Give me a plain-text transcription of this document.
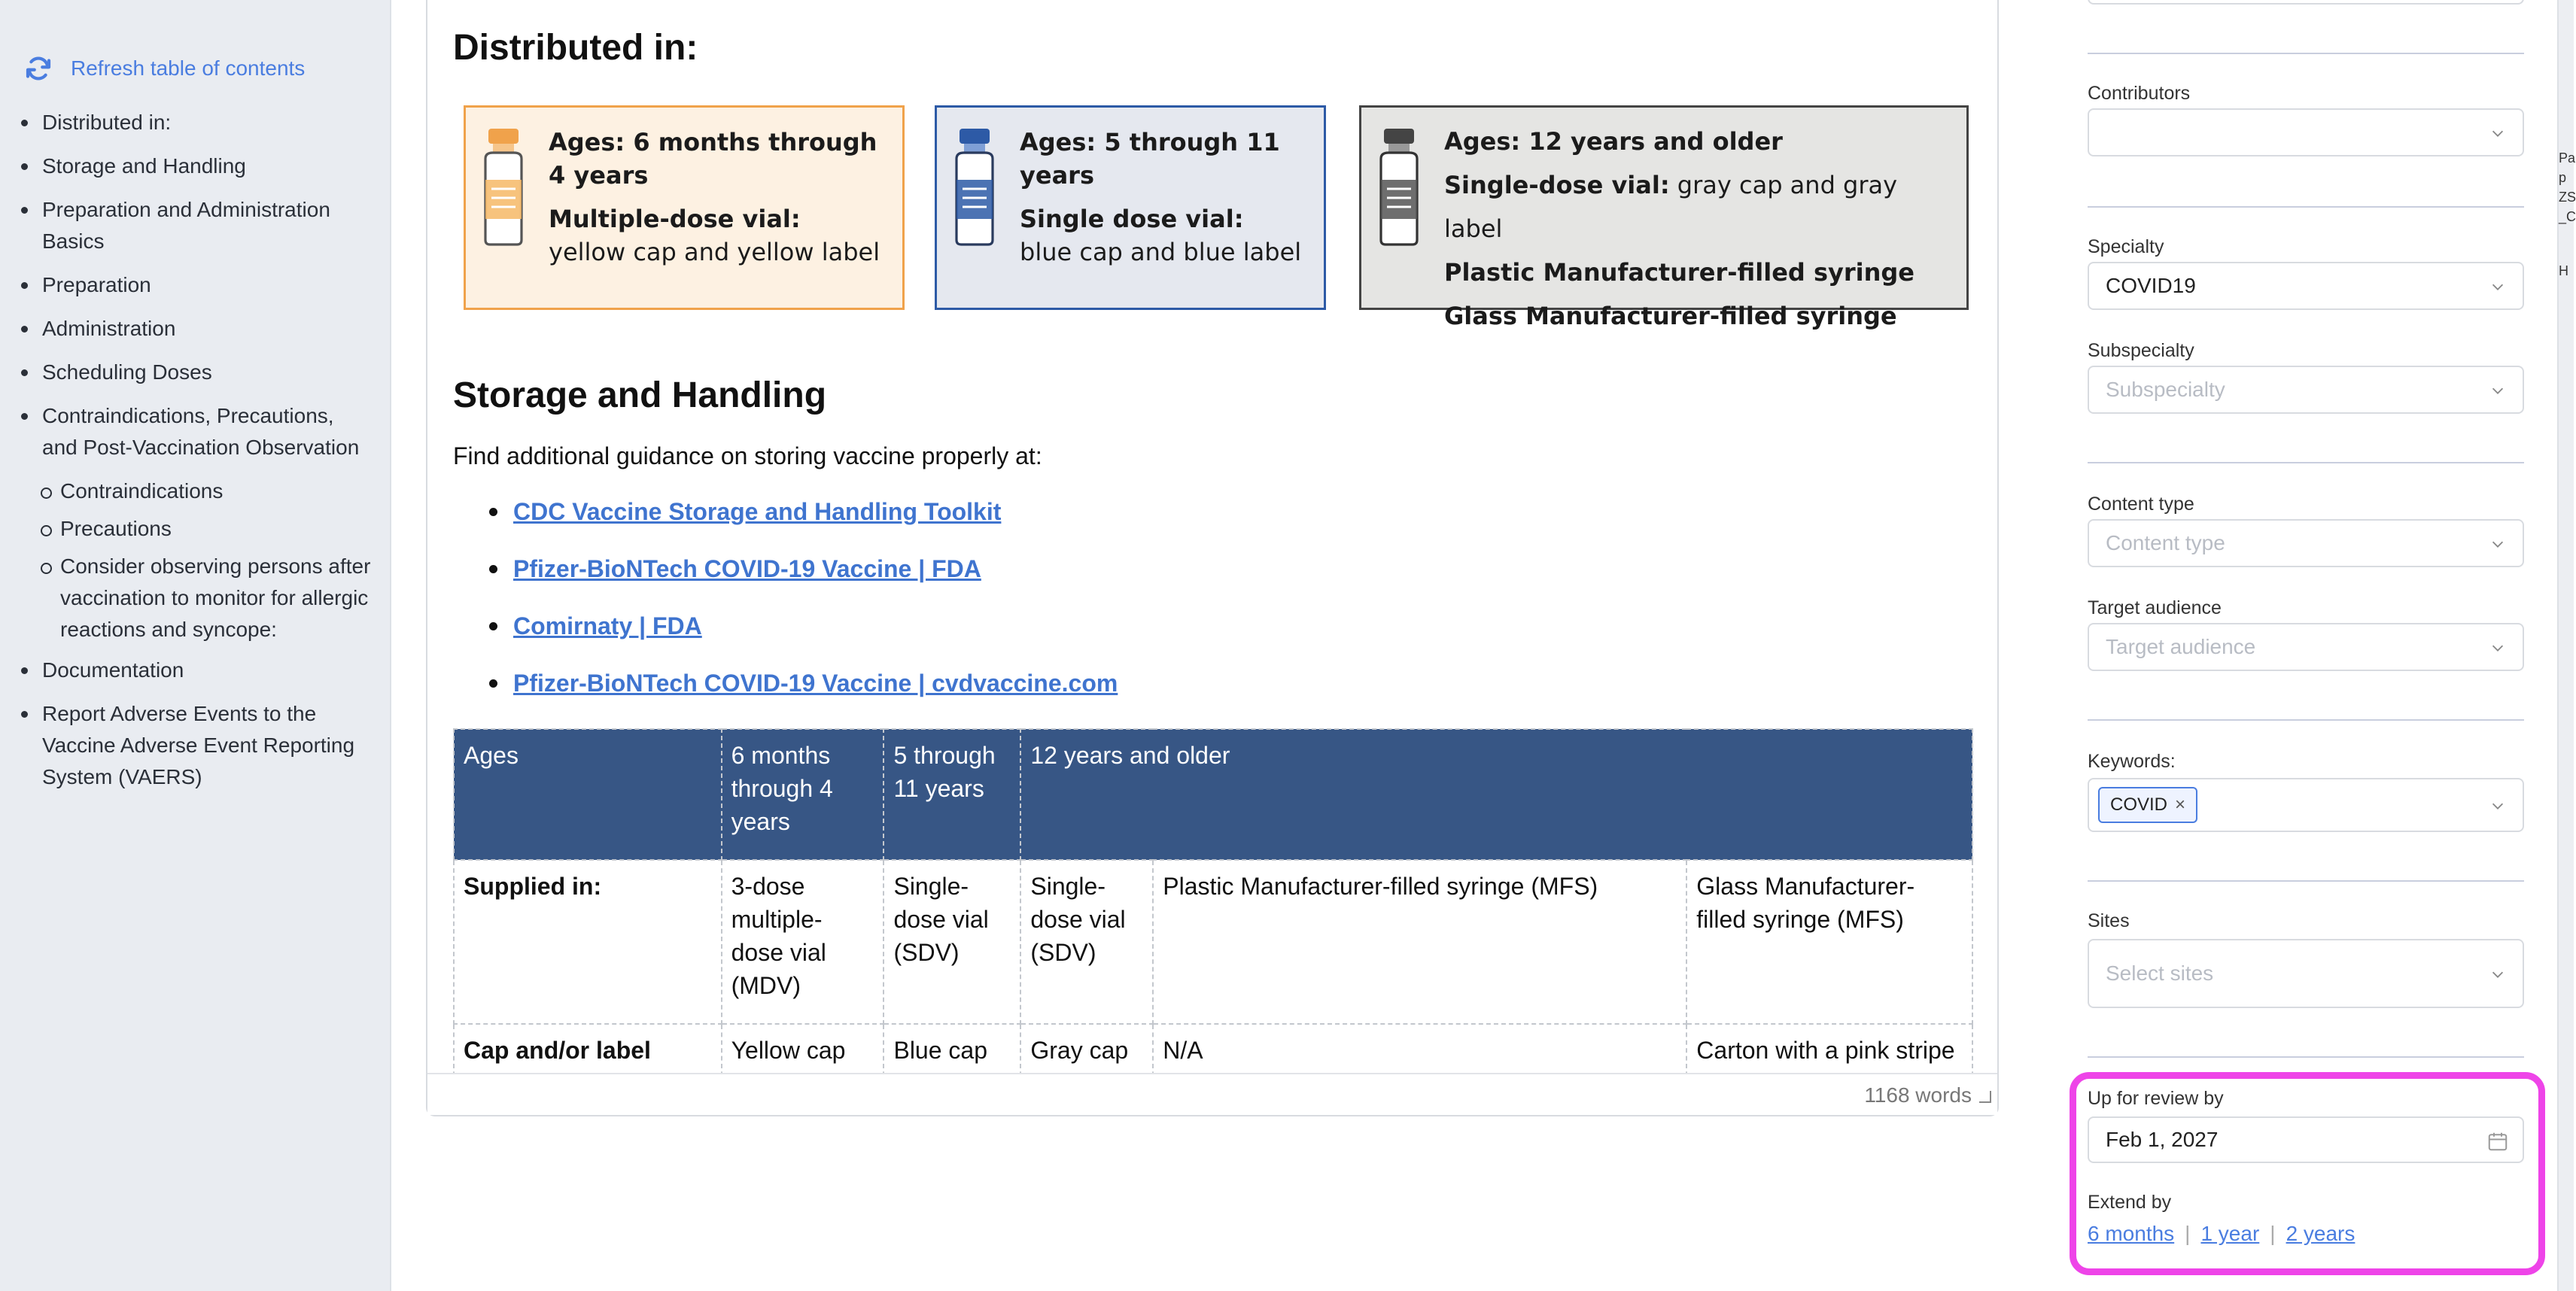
Refresh table of contents
Distributed in:
Storage and Handling
Preparation and Administration Basics
Preparation
Administration
Scheduling Doses
Contraindications, Precautions, and Post-Vaccination Observation
Contraindications
Precautions
Consider observing persons after vaccination to monitor for allergic reactions and syncope:
Documentation
Report Adverse Events to the Vaccine Adverse Event Reporting System (VAERS)
Distributed in:
Ages: 6 months through 4 years
Multiple-dose vial:
yellow cap and yellow label
Ages: 5 through 11 years
Single dose vial:
blue cap and blue label
Ages: 12 years and older
Single-dose vial: gray cap and gray label
Plastic Manufacturer-filled syringe
Glass Manufacturer-filled syringe
Storage and Handling

Find additional guidance on storing vaccine properly at:

CDC Vaccine Storage and Handling Toolkit
Pfizer-BioNTech COVID-19 Vaccine | FDA
Comirnaty | FDA
Pfizer-BioNTech COVID-19 Vaccine | cvdvaccine.com
Ages	6 months through 4 years	5 through 11 years	12 years and older		
Supplied in:	3-dose multiple-dose vial (MDV)	Single-dose vial (SDV)	Single-dose vial (SDV)	Plastic Manufacturer-filled syringe (MFS)	Glass Manufacturer-filled syringe (MFS)
Cap and/or label	Yellow cap	Blue cap	Gray cap	N/A	Carton with a pink stripe
1168 words
Contributors
Specialty
COVID19
Subspecialty
Subspecialty
Content type
Content type
Target audience
Target audience
Keywords:
COVID ×
Sites
Select sites
Up for review by
Feb 1, 2027
Extend by
6 months | 1 year | 2 years
Pa
p
ZS
_C
H
